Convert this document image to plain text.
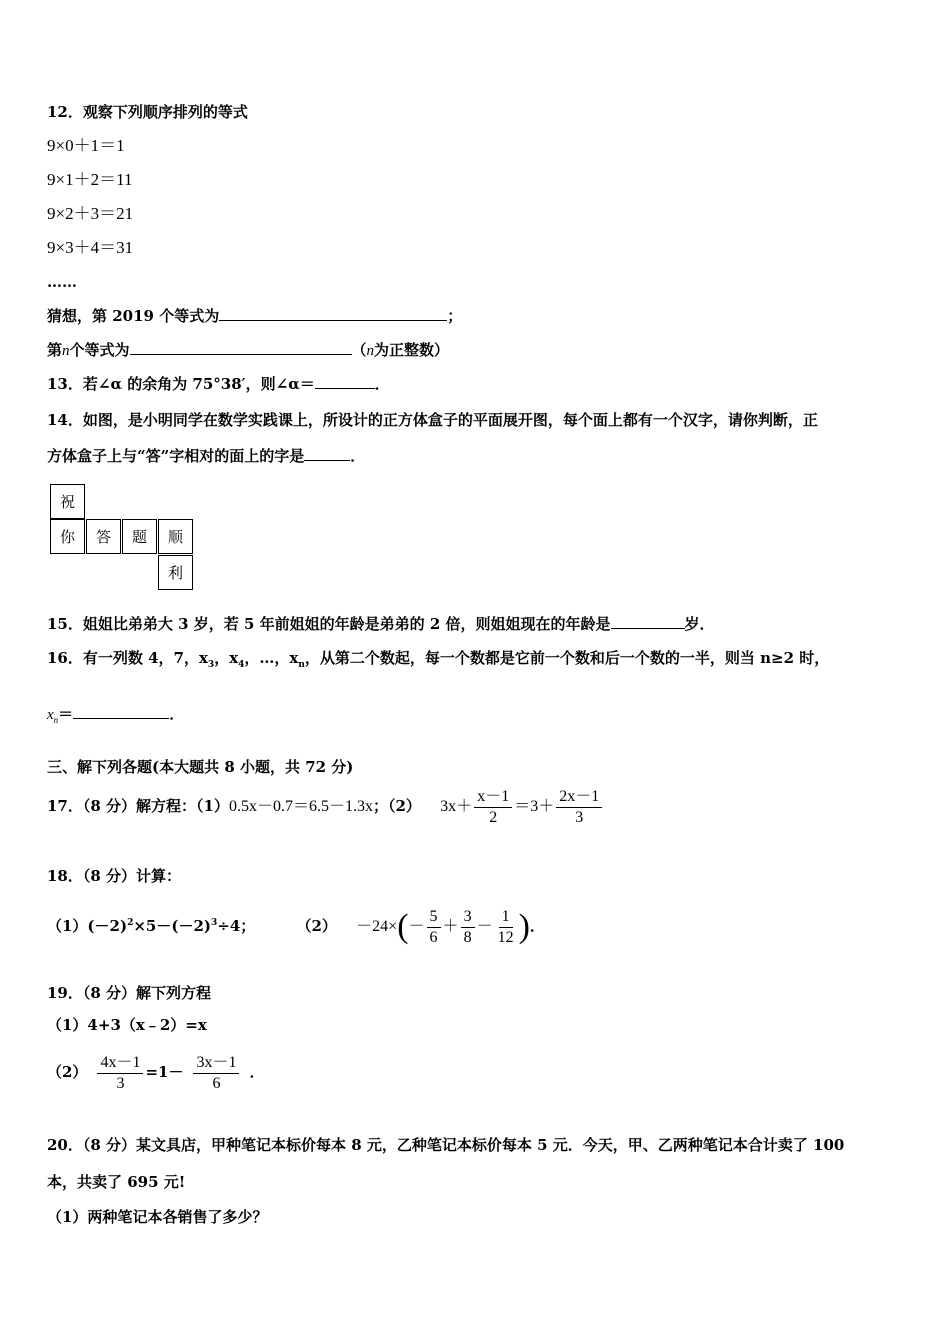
12．观察下列顺序排列的等式
9×0＋1＝1
9×1＋2＝11
9×2＋3＝21
9×3＋4＝31
……
猜想，第 2019 个等式为	；
第n个等式为	（n为正整数）
13．若∠α 的余角为 75°38′，则∠α＝	．
14．如图，是小明同学在数学实践课上，所设计的正方体盒子的平面展开图，每个面上都有一个汉字，请你判断，正
方体盒子上与“答”字相对的面上的字是	．
祝
你	答	题	顺
利
15．姐姐比弟弟大 3 岁，若 5 年前姐姐的年龄是弟弟的 2 倍，则姐姐现在的年龄是	岁．
16．有一列数 4，7，$x_3$，$x_4$，…，$x_n$，从第二个数起，每一个数都是它前一个数和后一个数的一半，则当 n≥2 时，
$x_n=$	．
三、解下列各题(本大题共 8 小题，共 72 分)
17．（8 分）解方程：（1）0.5x－0.7＝6.5－1.3x；（2） $3x+ \frac{x-1}{2} =3+ \frac{2x-1}{3}$
18．（8 分）计算：
$(1)(-2)^2\times 5-(-2)^3\div 4$；	$(2) -24\times(- \frac{5}{6} + \frac{3}{8} - \frac{1}{12}$ )．
19．（8 分）解下列方程
（1）4+3（x﹣2）=x
$(2) \frac{4x-1}{3} =1- \frac{3x-1}{6}$ ．
20．（8 分）某文具店，甲种笔记本标价每本 8 元，乙种笔记本标价每本 5 元．今天，甲、乙两种笔记本合计卖了 100
本，共卖了 695 元!
（1）两种笔记本各销售了多少？
